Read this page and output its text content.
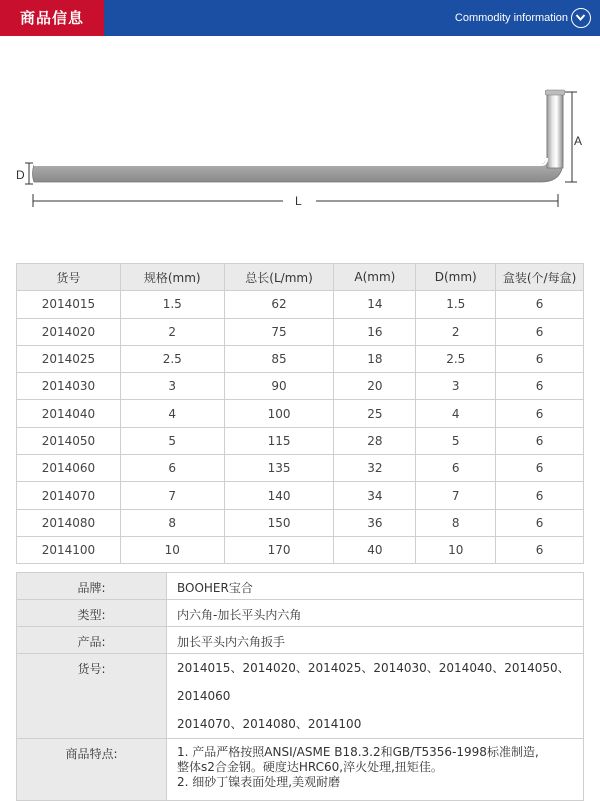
商品信息	Commodity information
D
L
A
货号	规格(mm)	总长(L/mm)	A(mm)	D(mm)	盒装(个/每盒)
2014015	1.5	62	14	1.5	6
2014020	2	75	16	2	6
2014025	2.5	85	18	2.5	6
2014030	3	90	20	3	6
2014040	4	100	25	4	6
2014050	5	115	28	5	6
2014060	6	135	32	6	6
2014070	7	140	34	7	6
2014080	8	150	36	8	6
2014100	10	170	40	10	6
品牌:	BOOHER宝合
类型:	内六角-加长平头内六角
产品:	加长平头内六角扳手
货号:	2014015、2014020、2014025、2014030、2014040、2014050、2014060
2014070、2014080、2014100

商品特点:	1. 产品严格按照ANSI/ASME B18.3.2和GB/T5356-1998标准制造,
整体s2合金钢。硬度达HRC60,淬火处理,扭矩佳。
2. 细砂丁镍表面处理,美观耐磨
